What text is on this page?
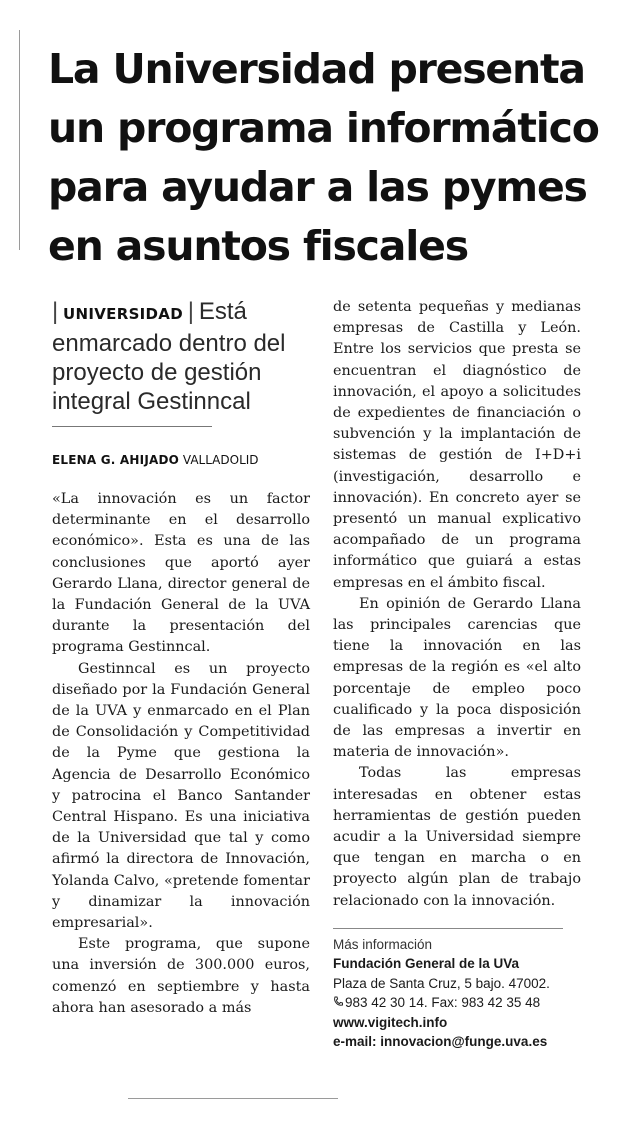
La Universidad presenta un programa informático para ayudar a las pymes en asuntos fiscales

| UNIVERSIDAD | Está enmarcado dentro del proyecto de gestión integral Gestinncal

ELENA G. AHIJADO VALLADOLID

«La innovación es un factor determinante en el desarrollo económico». Esta es una de las conclusiones que aportó ayer Gerardo Llana, director general de la Fundación General de la UVA durante la presentación del programa Gestinncal.

Gestinncal es un proyecto diseñado por la Fundación General de la UVA y enmarcado en el Plan de Consolidación y Competitividad de la Pyme que gestiona la Agencia de Desarrollo Económico y patrocina el Banco Santander Central Hispano. Es una iniciativa de la Universidad que tal y como afirmó la directora de Innovación, Yolanda Calvo, «pretende fomentar y dinamizar la innovación empresarial».

Este programa, que supone una inversión de 300.000 euros, comenzó en septiembre y hasta ahora han asesorado a más

de setenta pequeñas y medianas empresas de Castilla y León. Entre los servicios que presta se encuentran el diagnóstico de innovación, el apoyo a solicitudes de expedientes de financiación o subvención y la implantación de sistemas de gestión de I+D+i (investigación, desarrollo e innovación). En concreto ayer se presentó un manual explicativo acompañado de un programa informático que guiará a estas empresas en el ámbito fiscal.

En opinión de Gerardo Llana las principales carencias que tiene la innovación en las empresas de la región es «el alto porcentaje de empleo poco cualificado y la poca disposición de las empresas a invertir en materia de innovación».

Todas las empresas interesadas en obtener estas herramientas de gestión pueden acudir a la Universidad siempre que tengan en marcha o en proyecto algún plan de trabajo relacionado con la innovación.

Más información
Fundación General de la UVa
Plaza de Santa Cruz, 5 bajo. 47002.
983 42 30 14. Fax: 983 42 35 48
www.vigitech.info
e-mail: innovacion@funge.uva.es
